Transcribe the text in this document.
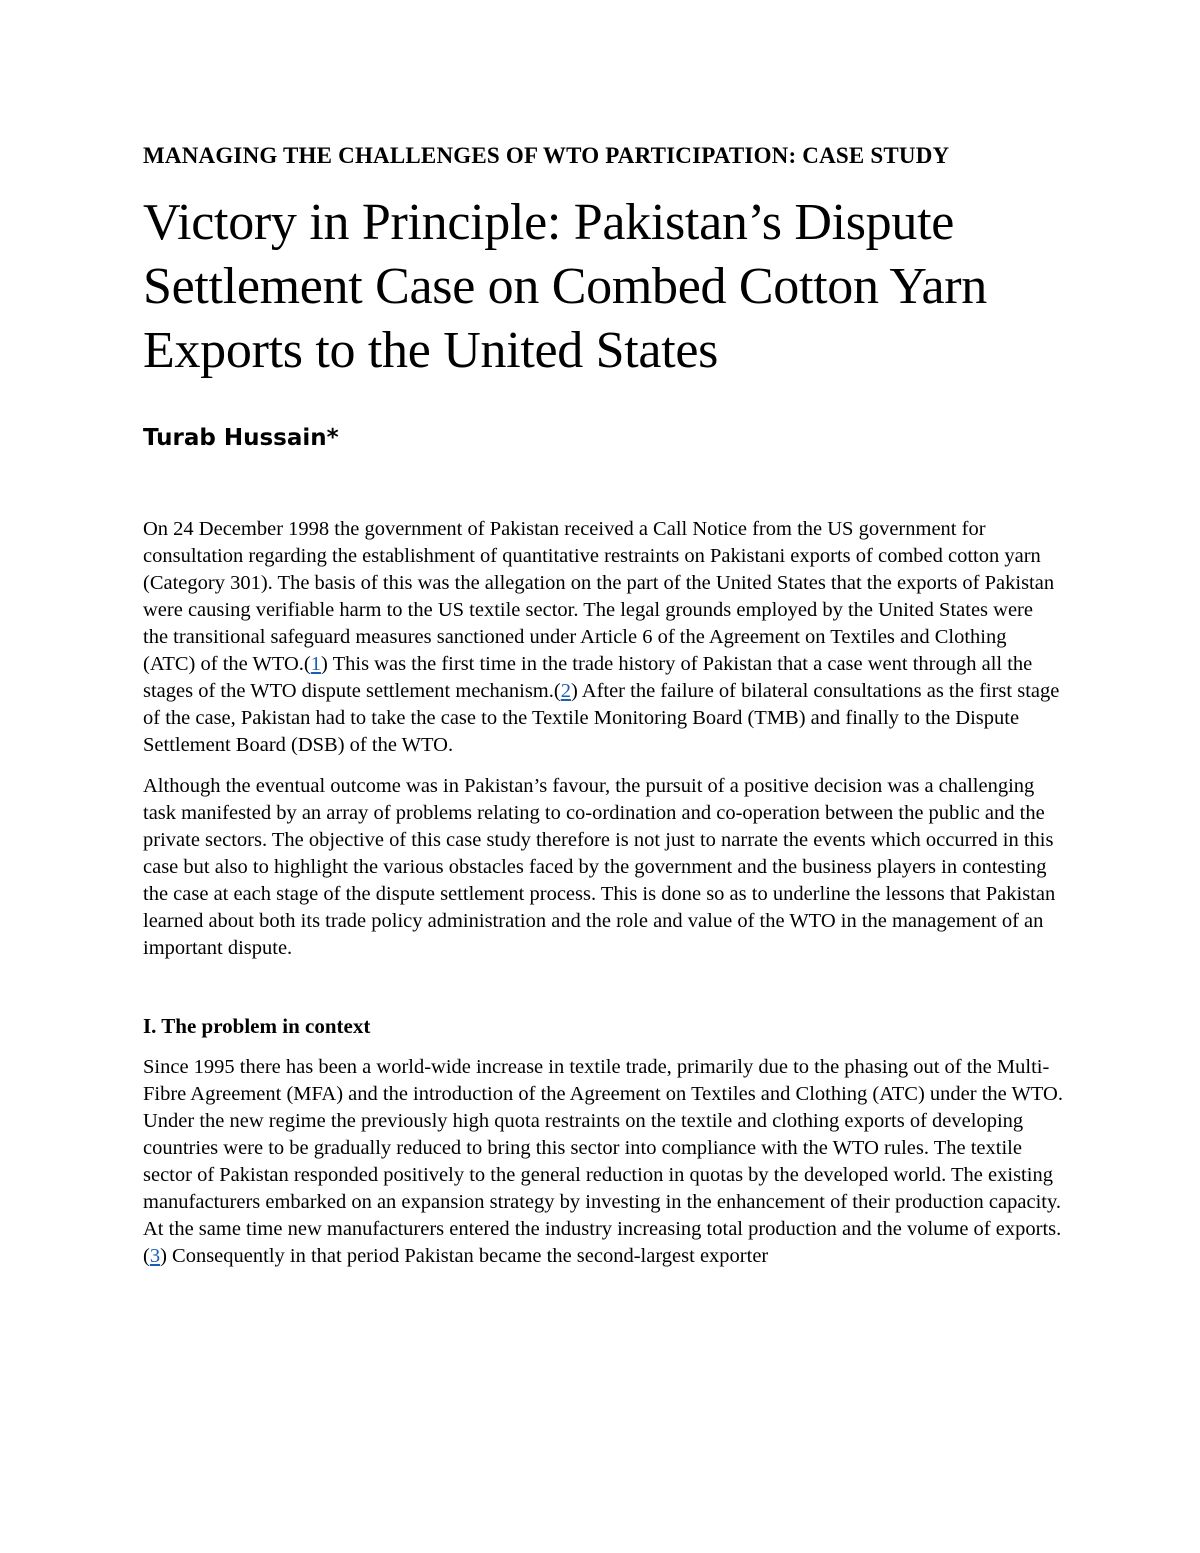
MANAGING THE CHALLENGES OF WTO PARTICIPATION: CASE STUDY
Victory in Principle: Pakistan’s Dispute Settlement Case on Combed Cotton Yarn Exports to the United States
Turab Hussain*

On 24 December 1998 the government of Pakistan received a Call Notice from the US government for consultation regarding the establishment of quantitative restraints on Pakistani exports of combed cotton yarn (Category 301). The basis of this was the allegation on the part of the United States that the exports of Pakistan were causing verifiable harm to the US textile sector. The legal grounds employed by the United States were the transitional safeguard measures sanctioned under Article 6 of the Agreement on Textiles and Clothing (ATC) of the WTO.(1) This was the first time in the trade history of Pakistan that a case went through all the stages of the WTO dispute settlement mechanism.(2) After the failure of bilateral consultations as the first stage of the case, Pakistan had to take the case to the Textile Monitoring Board (TMB) and finally to the Dispute Settlement Board (DSB) of the WTO.

Although the eventual outcome was in Pakistan’s favour, the pursuit of a positive decision was a challenging task manifested by an array of problems relating to co-ordination and co-operation between the public and the private sectors. The objective of this case study therefore is not just to narrate the events which occurred in this case but also to highlight the various obstacles faced by the government and the business players in contesting the case at each stage of the dispute settlement process. This is done so as to underline the lessons that Pakistan learned about both its trade policy administration and the role and value of the WTO in the management of an important dispute.

I. The problem in context

Since 1995 there has been a world-wide increase in textile trade, primarily due to the phasing out of the Multi-Fibre Agreement (MFA) and the introduction of the Agreement on Textiles and Clothing (ATC) under the WTO. Under the new regime the previously high quota restraints on the textile and clothing exports of developing countries were to be gradually reduced to bring this sector into compliance with the WTO rules. The textile sector of Pakistan responded positively to the general reduction in quotas by the developed world. The existing manufacturers embarked on an expansion strategy by investing in the enhancement of their production capacity. At the same time new manufacturers entered the industry increasing total production and the volume of exports.(3) Consequently in that period Pakistan became the second-largest exporter
